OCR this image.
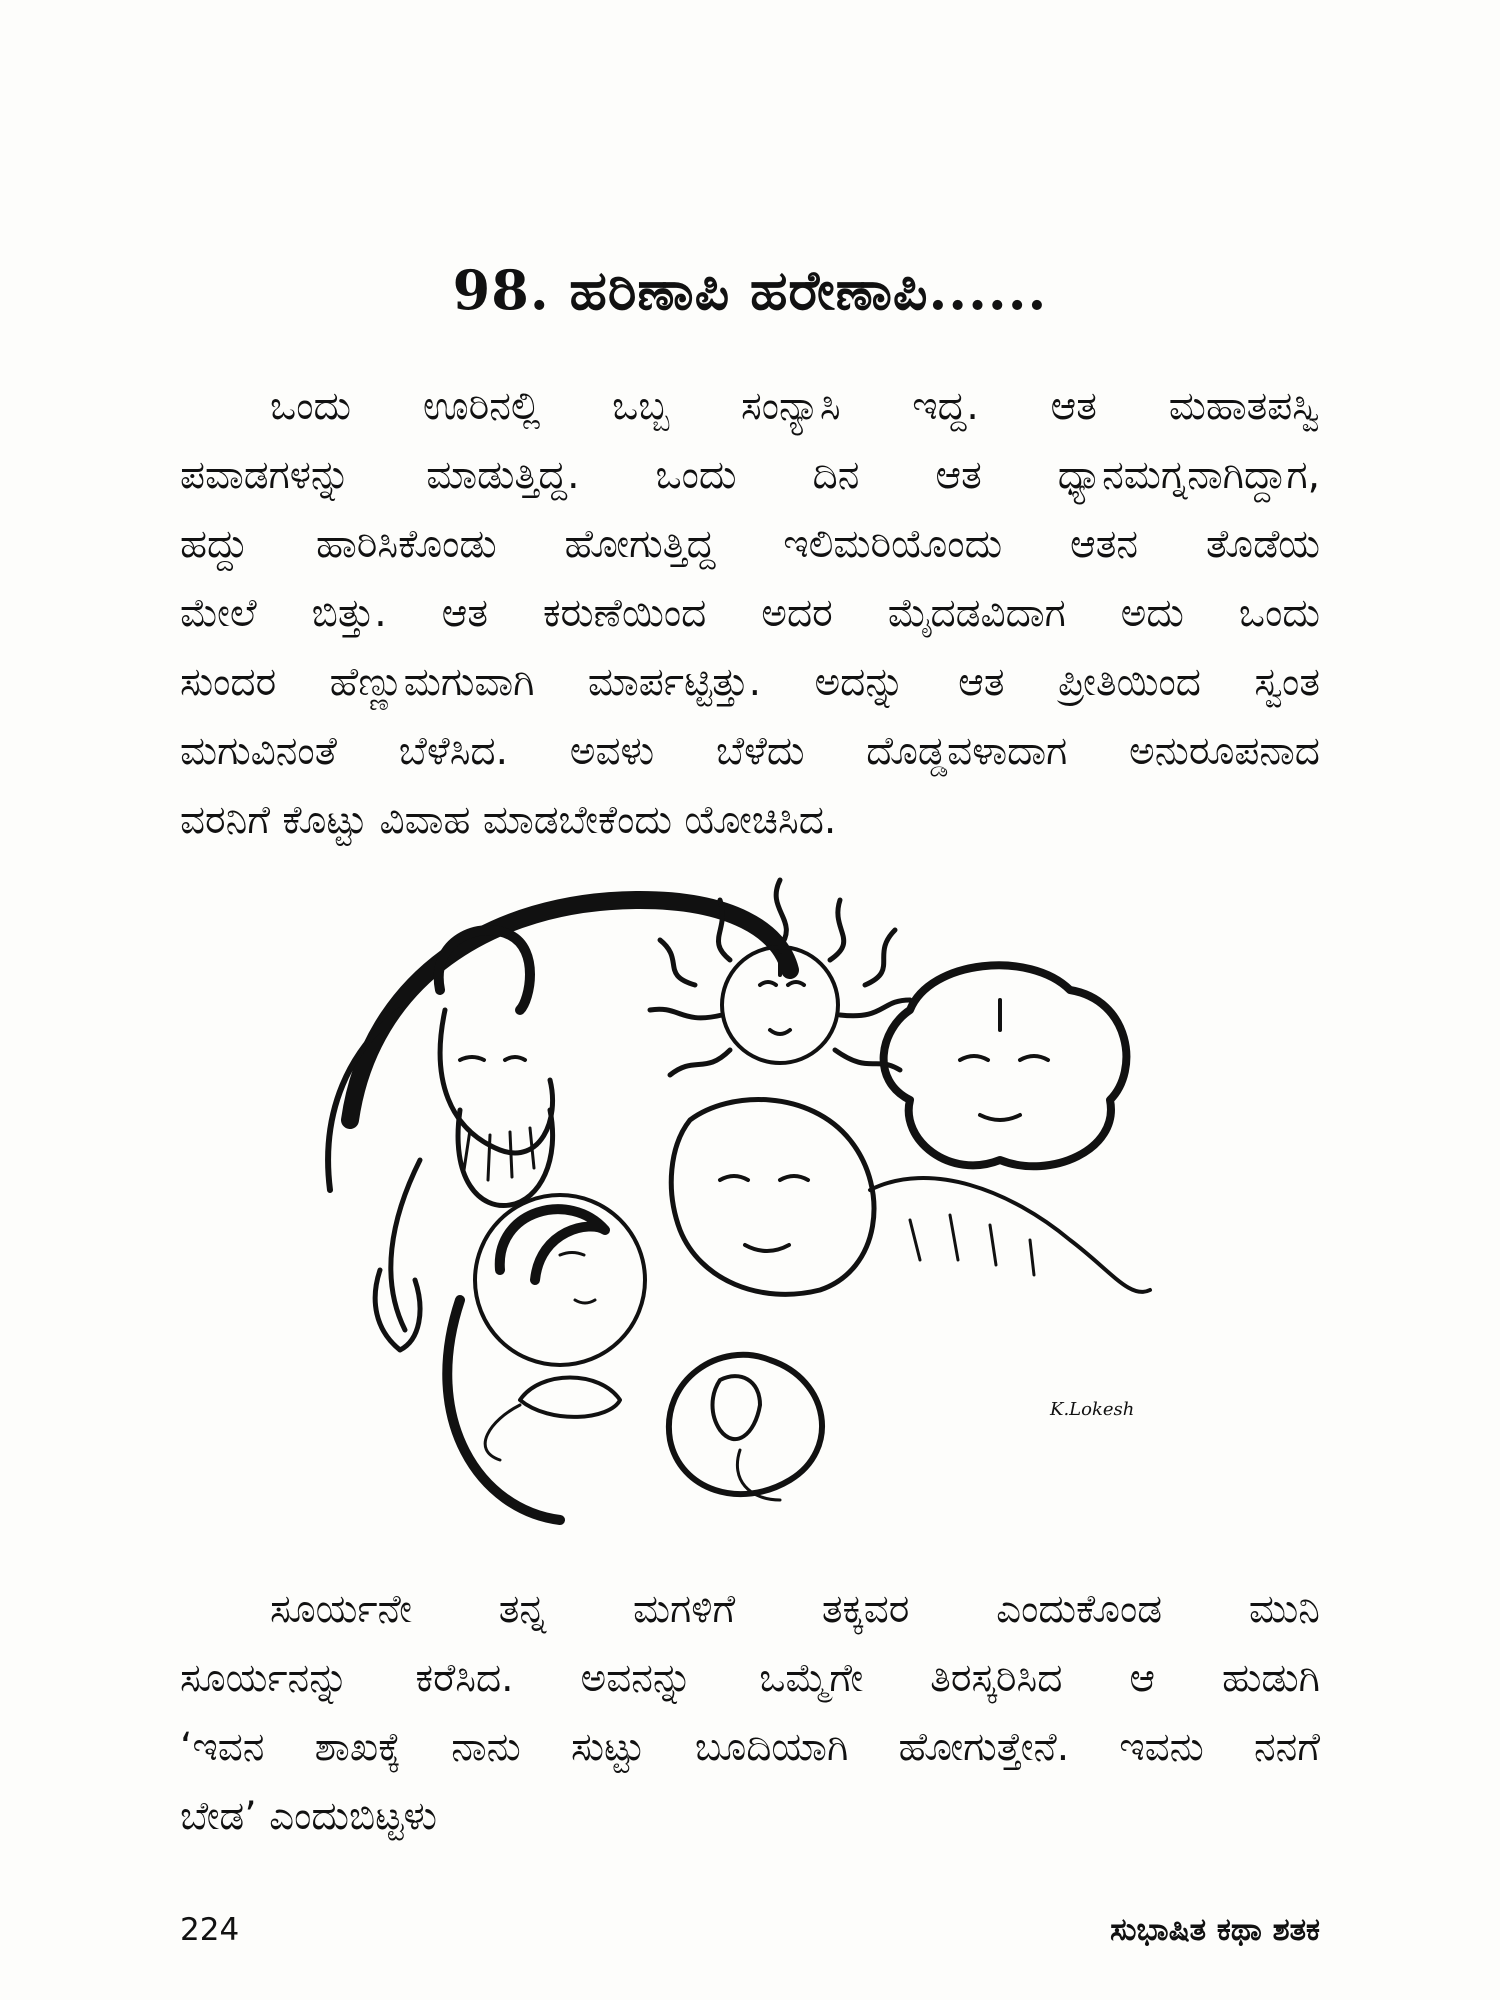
98. ಹರಿಣಾಪಿ ಹರೇಣಾಪಿ......
ಒಂದು ಊರಿನಲ್ಲಿ ಒಬ್ಬ ಸಂನ್ಯಾಸಿ ಇದ್ದ. ಆತ ಮಹಾತಪಸ್ವಿ
ಪವಾಡಗಳನ್ನು ಮಾಡುತ್ತಿದ್ದ. ಒಂದು ದಿನ ಆತ ಧ್ಯಾನಮಗ್ನನಾಗಿದ್ದಾಗ,
ಹದ್ದು ಹಾರಿಸಿಕೊಂಡು ಹೋಗುತ್ತಿದ್ದ ಇಲಿಮರಿಯೊಂದು ಆತನ ತೊಡೆಯ
ಮೇಲೆ ಬಿತ್ತು. ಆತ ಕರುಣೆಯಿಂದ ಅದರ ಮೈದಡವಿದಾಗ ಅದು ಒಂದು
ಸುಂದರ ಹೆಣ್ಣುಮಗುವಾಗಿ ಮಾರ್ಪಟ್ಟಿತ್ತು. ಅದನ್ನು ಆತ ಪ್ರೀತಿಯಿಂದ ಸ್ವಂತ
ಮಗುವಿನಂತೆ ಬೆಳೆಸಿದ. ಅವಳು ಬೆಳೆದು ದೊಡ್ಡವಳಾದಾಗ ಅನುರೂಪನಾದ
ವರನಿಗೆ ಕೊಟ್ಟು ವಿವಾಹ ಮಾಡಬೇಕೆಂದು ಯೋಚಿಸಿದ.
K.Lokesh
ಸೂರ್ಯನೇ ತನ್ನ ಮಗಳಿಗೆ ತಕ್ಕವರ ಎಂದುಕೊಂಡ ಮುನಿ
ಸೂರ್ಯನನ್ನು ಕರೆಸಿದ. ಅವನನ್ನು ಒಮ್ಮೆಗೇ ತಿರಸ್ಕರಿಸಿದ ಆ ಹುಡುಗಿ
‘ಇವನ ಶಾಖಕ್ಕೆ ನಾನು ಸುಟ್ಟು ಬೂದಿಯಾಗಿ ಹೋಗುತ್ತೇನೆ. ಇವನು ನನಗೆ
ಬೇಡ’ ಎಂದುಬಿಟ್ಟಳು

224	ಸುಭಾಷಿತ ಕಥಾ ಶತಕ
